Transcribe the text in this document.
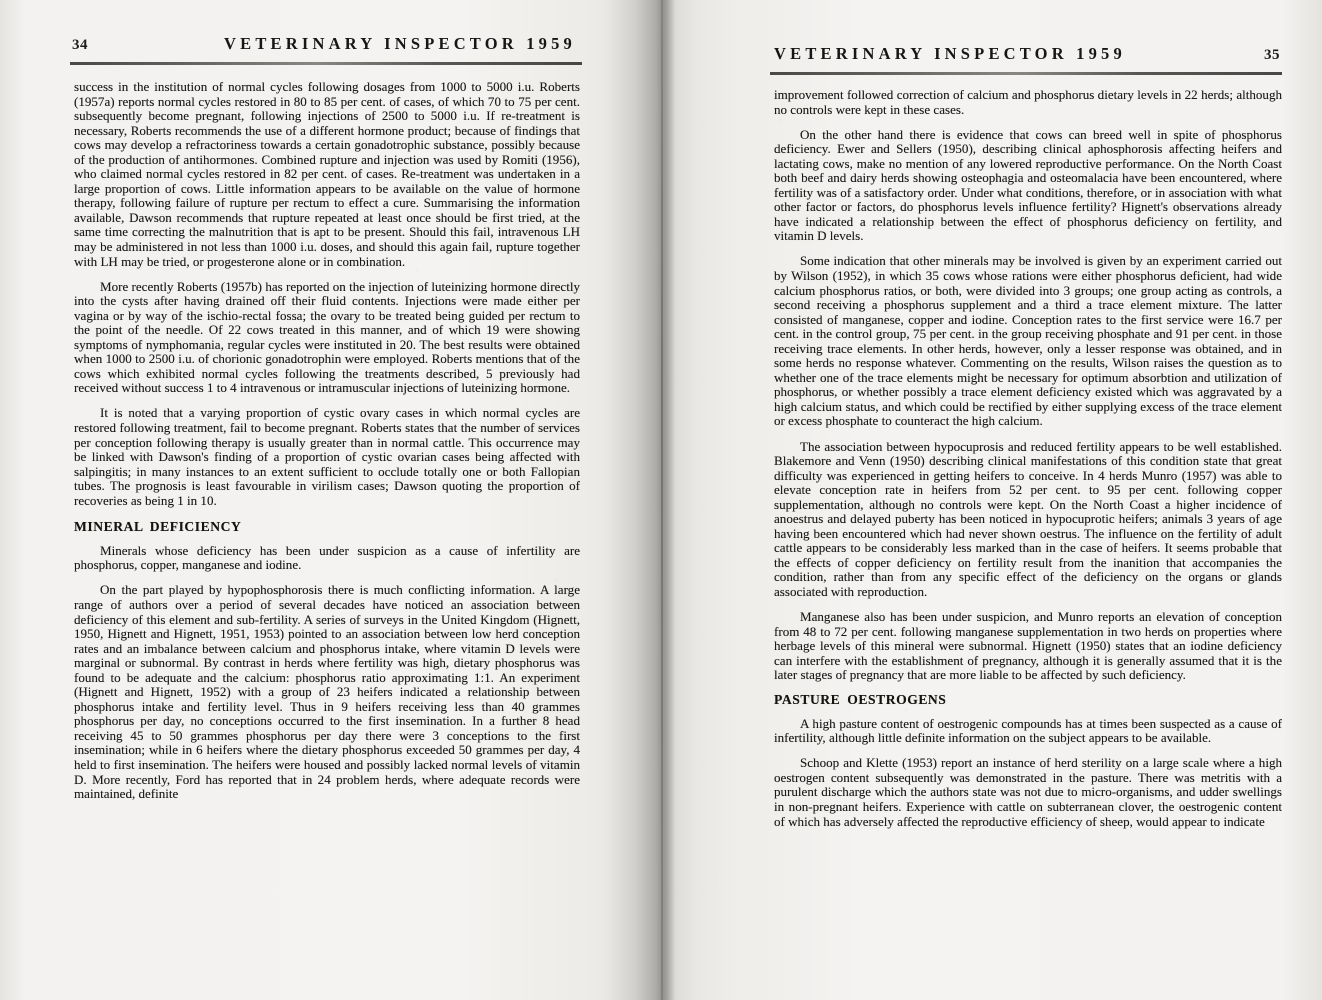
34	VETERINARY INSPECTOR 1959

success in the institution of normal cycles following dosages from 1000 to 5000 i.u. Roberts (1957a) reports normal cycles restored in 80 to 85 per cent. of cases, of which 70 to 75 per cent. subsequently become pregnant, following injections of 2500 to 5000 i.u. If re-treatment is necessary, Roberts recommends the use of a different hormone product; because of findings that cows may develop a refractoriness towards a certain gonadotrophic substance, possibly because of the production of antihormones. Combined rupture and injection was used by Romiti (1956), who claimed normal cycles restored in 82 per cent. of cases. Re-treatment was undertaken in a large proportion of cows. Little information appears to be available on the value of hormone therapy, following failure of rupture per rectum to effect a cure. Summarising the information available, Dawson recommends that rupture repeated at least once should be first tried, at the same time correcting the malnutrition that is apt to be present. Should this fail, intravenous LH may be administered in not less than 1000 i.u. doses, and should this again fail, rupture together with LH may be tried, or progesterone alone or in combination.

More recently Roberts (1957b) has reported on the injection of luteinizing hormone directly into the cysts after having drained off their fluid contents. Injections were made either per vagina or by way of the ischio-rectal fossa; the ovary to be treated being guided per rectum to the point of the needle. Of 22 cows treated in this manner, and of which 19 were showing symptoms of nymphomania, regular cycles were instituted in 20. The best results were obtained when 1000 to 2500 i.u. of chorionic gonadotrophin were employed. Roberts mentions that of the cows which exhibited normal cycles following the treatments described, 5 previously had received without success 1 to 4 intravenous or intramuscular injections of luteinizing hormone.

It is noted that a varying proportion of cystic ovary cases in which normal cycles are restored following treatment, fail to become pregnant. Roberts states that the number of services per conception following therapy is usually greater than in normal cattle. This occurrence may be linked with Dawson's finding of a proportion of cystic ovarian cases being affected with salpingitis; in many instances to an extent sufficient to occlude totally one or both Fallopian tubes. The prognosis is least favourable in virilism cases; Dawson quoting the proportion of recoveries as being 1 in 10.

MINERAL DEFICIENCY

Minerals whose deficiency has been under suspicion as a cause of infertility are phosphorus, copper, manganese and iodine.

On the part played by hypophosphorosis there is much conflicting information. A large range of authors over a period of several decades have noticed an association between deficiency of this element and sub-fertility. A series of surveys in the United Kingdom (Hignett, 1950, Hignett and Hignett, 1951, 1953) pointed to an association between low herd conception rates and an imbalance between calcium and phosphorus intake, where vitamin D levels were marginal or subnormal. By contrast in herds where fertility was high, dietary phosphorus was found to be adequate and the calcium: phosphorus ratio approximating 1:1. An experiment (Hignett and Hignett, 1952) with a group of 23 heifers indicated a relationship between phosphorus intake and fertility level. Thus in 9 heifers receiving less than 40 grammes phosphorus per day, no conceptions occurred to the first insemination. In a further 8 head receiving 45 to 50 grammes phosphorus per day there were 3 conceptions to the first insemination; while in 6 heifers where the dietary phosphorus exceeded 50 grammes per day, 4 held to first insemination. The heifers were housed and possibly lacked normal levels of vitamin D. More recently, Ford has reported that in 24 problem herds, where adequate records were maintained, definite

VETERINARY INSPECTOR 1959	35

improvement followed correction of calcium and phosphorus dietary levels in 22 herds; although no controls were kept in these cases.

On the other hand there is evidence that cows can breed well in spite of phosphorus deficiency. Ewer and Sellers (1950), describing clinical aphosphorosis affecting heifers and lactating cows, make no mention of any lowered reproductive performance. On the North Coast both beef and dairy herds showing osteophagia and osteomalacia have been encountered, where fertility was of a satisfactory order. Under what conditions, therefore, or in association with what other factor or factors, do phosphorus levels influence fertility? Hignett's observations already have indicated a relationship between the effect of phosphorus deficiency on fertility, and vitamin D levels.

Some indication that other minerals may be involved is given by an experiment carried out by Wilson (1952), in which 35 cows whose rations were either phosphorus deficient, had wide calcium phosphorus ratios, or both, were divided into 3 groups; one group acting as controls, a second receiving a phosphorus supplement and a third a trace element mixture. The latter consisted of manganese, copper and iodine. Conception rates to the first service were 16.7 per cent. in the control group, 75 per cent. in the group receiving phosphate and 91 per cent. in those receiving trace elements. In other herds, however, only a lesser response was obtained, and in some herds no response whatever. Commenting on the results, Wilson raises the question as to whether one of the trace elements might be necessary for optimum absorbtion and utilization of phosphorus, or whether possibly a trace element deficiency existed which was aggravated by a high calcium status, and which could be rectified by either supplying excess of the trace element or excess phosphate to counteract the high calcium.

The association between hypocuprosis and reduced fertility appears to be well established. Blakemore and Venn (1950) describing clinical manifestations of this condition state that great difficulty was experienced in getting heifers to conceive. In 4 herds Munro (1957) was able to elevate conception rate in heifers from 52 per cent. to 95 per cent. following copper supplementation, although no controls were kept. On the North Coast a higher incidence of anoestrus and delayed puberty has been noticed in hypocuprotic heifers; animals 3 years of age having been encountered which had never shown oestrus. The influence on the fertility of adult cattle appears to be considerably less marked than in the case of heifers. It seems probable that the effects of copper deficiency on fertility result from the inanition that accompanies the condition, rather than from any specific effect of the deficiency on the organs or glands associated with reproduction.

Manganese also has been under suspicion, and Munro reports an elevation of conception from 48 to 72 per cent. following manganese supplementation in two herds on properties where herbage levels of this mineral were subnormal. Hignett (1950) states that an iodine deficiency can interfere with the establishment of pregnancy, although it is generally assumed that it is the later stages of pregnancy that are more liable to be affected by such deficiency.

PASTURE OESTROGENS

A high pasture content of oestrogenic compounds has at times been suspected as a cause of infertility, although little definite information on the subject appears to be available.

Schoop and Klette (1953) report an instance of herd sterility on a large scale where a high oestrogen content subsequently was demonstrated in the pasture. There was metritis with a purulent discharge which the authors state was not due to micro-organisms, and udder swellings in non-pregnant heifers. Experience with cattle on subterranean clover, the oestrogenic content of which has adversely affected the reproductive efficiency of sheep, would appear to indicate
